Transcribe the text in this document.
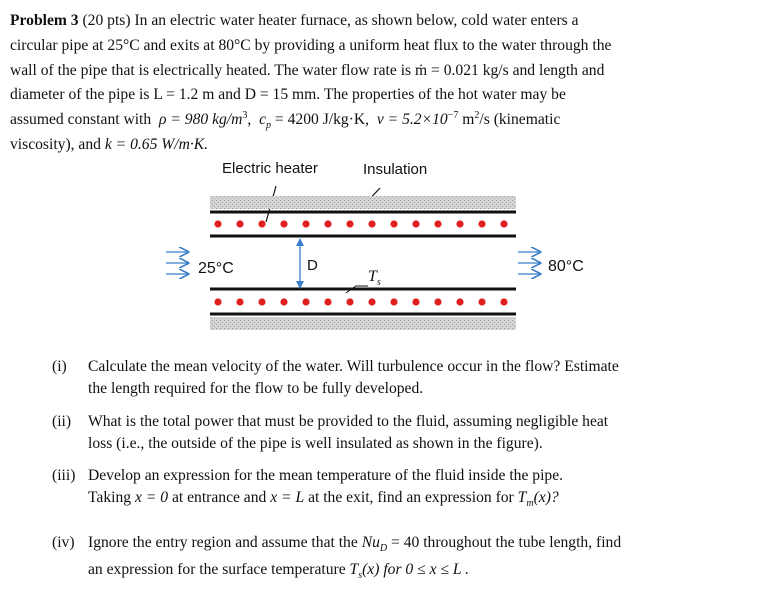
Problem 3 (20 pts) In an electric water heater furnace, as shown below, cold water enters a
circular pipe at 25°C and exits at 80°C by providing a uniform heat flux to the water through the
wall of the pipe that is electrically heated. The water flow rate is ṁ = 0.021 kg/s and length and
diameter of the pipe is L = 1.2 m and D = 15 mm. The properties of the hot water may be
assumed constant with ρ = 980 $kg/m^3$,  $c_p = 4200$ J/kg·K, $\nu = 5.2\times 10^{-7}$ $m^2/s$ (kinematic
viscosity), and k = 0.65 W/m·K.
Electric heater	Insulation
25°C	80°C
D
$T_s$
(i) Calculate the mean velocity of the water. Will turbulence occur in the flow? Estimate
the length required for the flow to be fully developed.
(ii) What is the total power that must be provided to the fluid, assuming negligible heat
loss (i.e., the outside of the pipe is well insulated as shown in the figure).
(iii) Develop an expression for the mean temperature of the fluid inside the pipe.
Taking x = 0 at entrance and x = L at the exit, find an expression for $T_m(x)$?
(iv) Ignore the entry region and assume that the $Nu_D = 40$ throughout the tube length, find
an expression for the surface temperature $T_s(x)$ for 0 ≤ x ≤ L .
